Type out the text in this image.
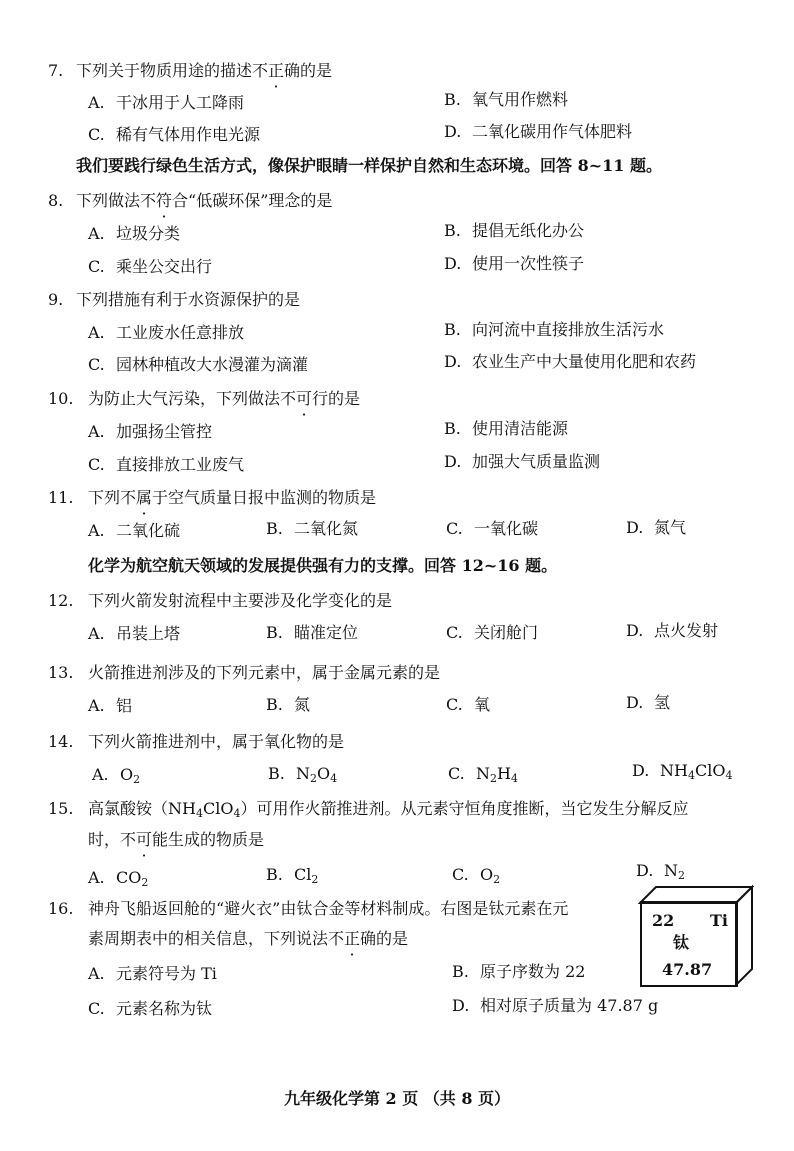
7. 下列关于物质用途的描述不正确的是
A. 干冰用于人工降雨	B. 氧气用作燃料
C. 稀有气体用作电光源	D. 二氧化碳用作气体肥料
我们要践行绿色生活方式，像保护眼睛一样保护自然和生态环境。回答 8~11 题。
8. 下列做法不符合“低碳环保”理念的是
A. 垃圾分类	B. 提倡无纸化办公
C. 乘坐公交出行	D. 使用一次性筷子
9. 下列措施有利于水资源保护的是
A. 工业废水任意排放	B. 向河流中直接排放生活污水
C. 园林种植改大水漫灌为滴灌	D. 农业生产中大量使用化肥和农药
10. 为防止大气污染，下列做法不可行的是
A. 加强扬尘管控	B. 使用清洁能源
C. 直接排放工业废气	D. 加强大气质量监测
11. 下列不属于空气质量日报中监测的物质是
A. 二氧化硫	B. 二氧化氮	C. 一氧化碳	D. 氮气
化学为航空航天领域的发展提供强有力的支撑。回答 12~16 题。
12. 下列火箭发射流程中主要涉及化学变化的是
A. 吊装上塔	B. 瞄准定位	C. 关闭舱门	D. 点火发射
13. 火箭推进剂涉及的下列元素中，属于金属元素的是
A. 铝	B. 氮	C. 氧	D. 氢
14. 下列火箭推进剂中，属于氧化物的是
A. $O_2$	B. $N_2O_4$	C. $N_2H_4$	D. $NH_4ClO_4$
15. 高氯酸铵$(NH_4ClO_4)$可用作火箭推进剂。从元素守恒角度推断，当它发生分解反应
时，不可能生成的物质是
A. $CO_2$	B. $Cl_2$	C. $O_2$	D. $N_2$
16. 神舟飞船返回舱的“避火衣”由钛合金等材料制成。右图是钛元素在元
素周期表中的相关信息，下列说法不正确的是
A. 元素符号为 Ti	B. 原子序数为 22
C. 元素名称为钛	D. 相对原子质量为 47.87 g
22 Ti
钛
47.87
九年级化学第 2 页 （共 8 页）
